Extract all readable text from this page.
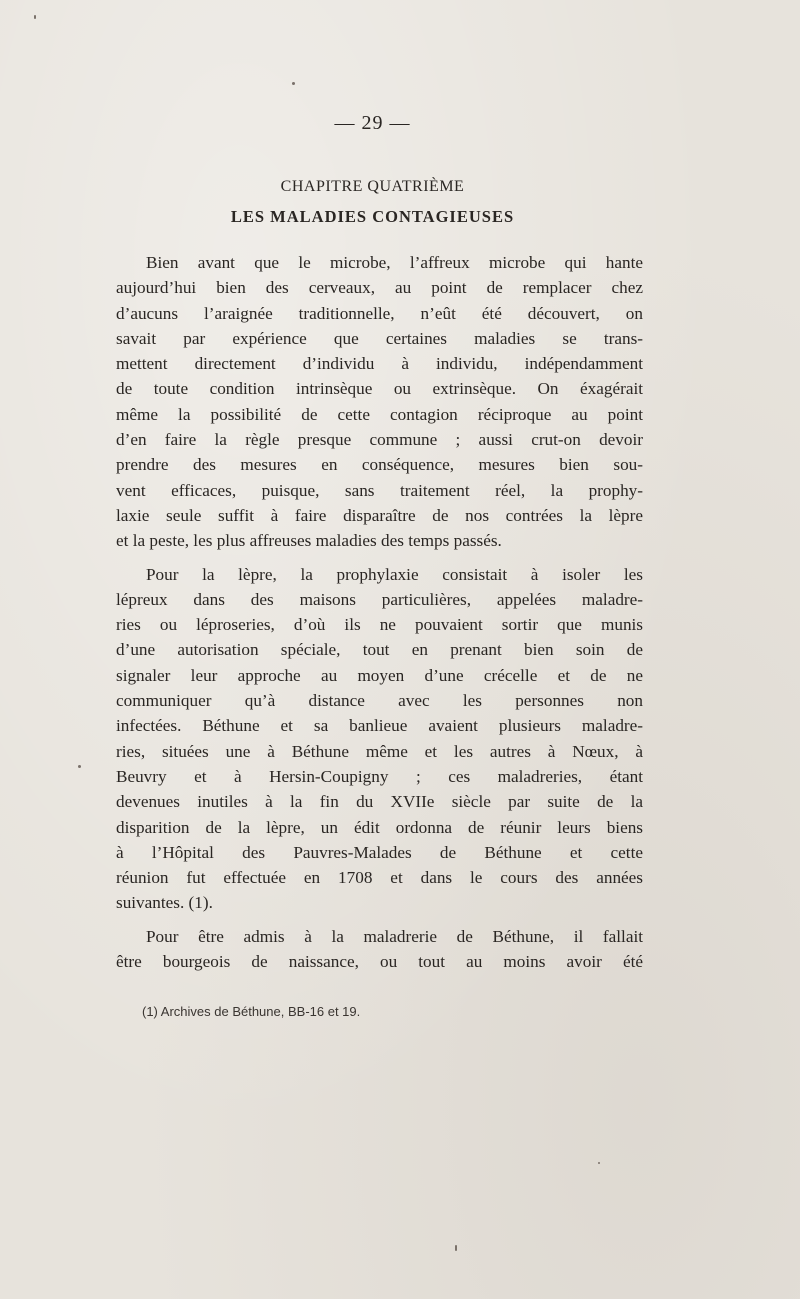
— 29 —
CHAPITRE QUATRIÈME
LES MALADIES CONTAGIEUSES
Bien avant que le microbe, l’affreux microbe qui hante
aujourd’hui bien des cerveaux, au point de remplacer chez
d’aucuns l’araignée traditionnelle, n’eût été découvert, on
savait par expérience que certaines maladies se trans-
mettent directement d’individu à individu, indépendamment
de toute condition intrinsèque ou extrinsèque. On éxagérait
même la possibilité de cette contagion réciproque au point
d’en faire la règle presque commune ; aussi crut-on devoir
prendre des mesures en conséquence, mesures bien sou-
vent efficaces, puisque, sans traitement réel, la prophy-
laxie seule suffit à faire disparaître de nos contrées la lèpre
et la peste, les plus affreuses maladies des temps passés.
Pour la lèpre, la prophylaxie consistait à isoler les
lépreux dans des maisons particulières, appelées maladre-
ries ou léproseries, d’où ils ne pouvaient sortir que munis
d’une autorisation spéciale, tout en prenant bien soin de
signaler leur approche au moyen d’une crécelle et de ne
communiquer qu’à distance avec les personnes non
infectées. Béthune et sa banlieue avaient plusieurs maladre-
ries, situées une à Béthune même et les autres à Nœux, à
Beuvry et à Hersin-Coupigny ; ces maladreries, étant
devenues inutiles à la fin du XVIIe siècle par suite de la
disparition de la lèpre, un édit ordonna de réunir leurs biens
à l’Hôpital des Pauvres-Malades de Béthune et cette
réunion fut effectuée en 1708 et dans le cours des années
suivantes. (1).
Pour être admis à la maladrerie de Béthune, il fallait
être bourgeois de naissance, ou tout au moins avoir été
(1) Archives de Béthune, BB-16 et 19.
